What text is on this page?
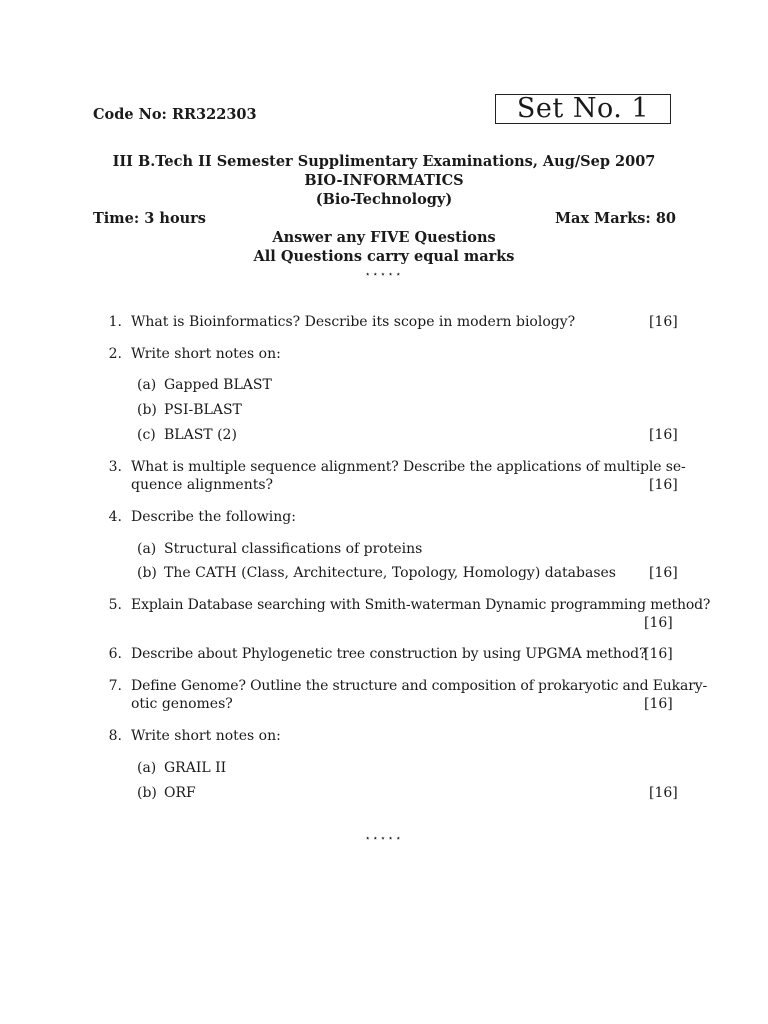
Code No: RR322303	Set No. 1
III B.Tech II Semester Supplimentary Examinations, Aug/Sep 2007
BIO-INFORMATICS
(Bio-Technology)
Time: 3 hours	Max Marks: 80
Answer any FIVE Questions
All Questions carry equal marks
⋆⋆⋆⋆⋆
1. What is Bioinformatics? Describe its scope in modern biology?	[16]
2. Write short notes on:
(a) Gapped BLAST
(b) PSI-BLAST
(c) BLAST (2)	[16]
3. What is multiple sequence alignment? Describe the applications of multiple se-
quence alignments?	[16]
4. Describe the following:
(a) Structural classifications of proteins
(b) The CATH (Class, Architecture, Topology, Homology) databases [16]
5. Explain Database searching with Smith-waterman Dynamic programming method?
[16]
6. Describe about Phylogenetic tree construction by using UPGMA method?
[16]
7. Define Genome? Outline the structure and composition of prokaryotic and Eukary-
otic genomes?	[16]
8. Write short notes on:
(a) GRAIL II
(b) ORF	[16]
⋆⋆⋆⋆⋆
